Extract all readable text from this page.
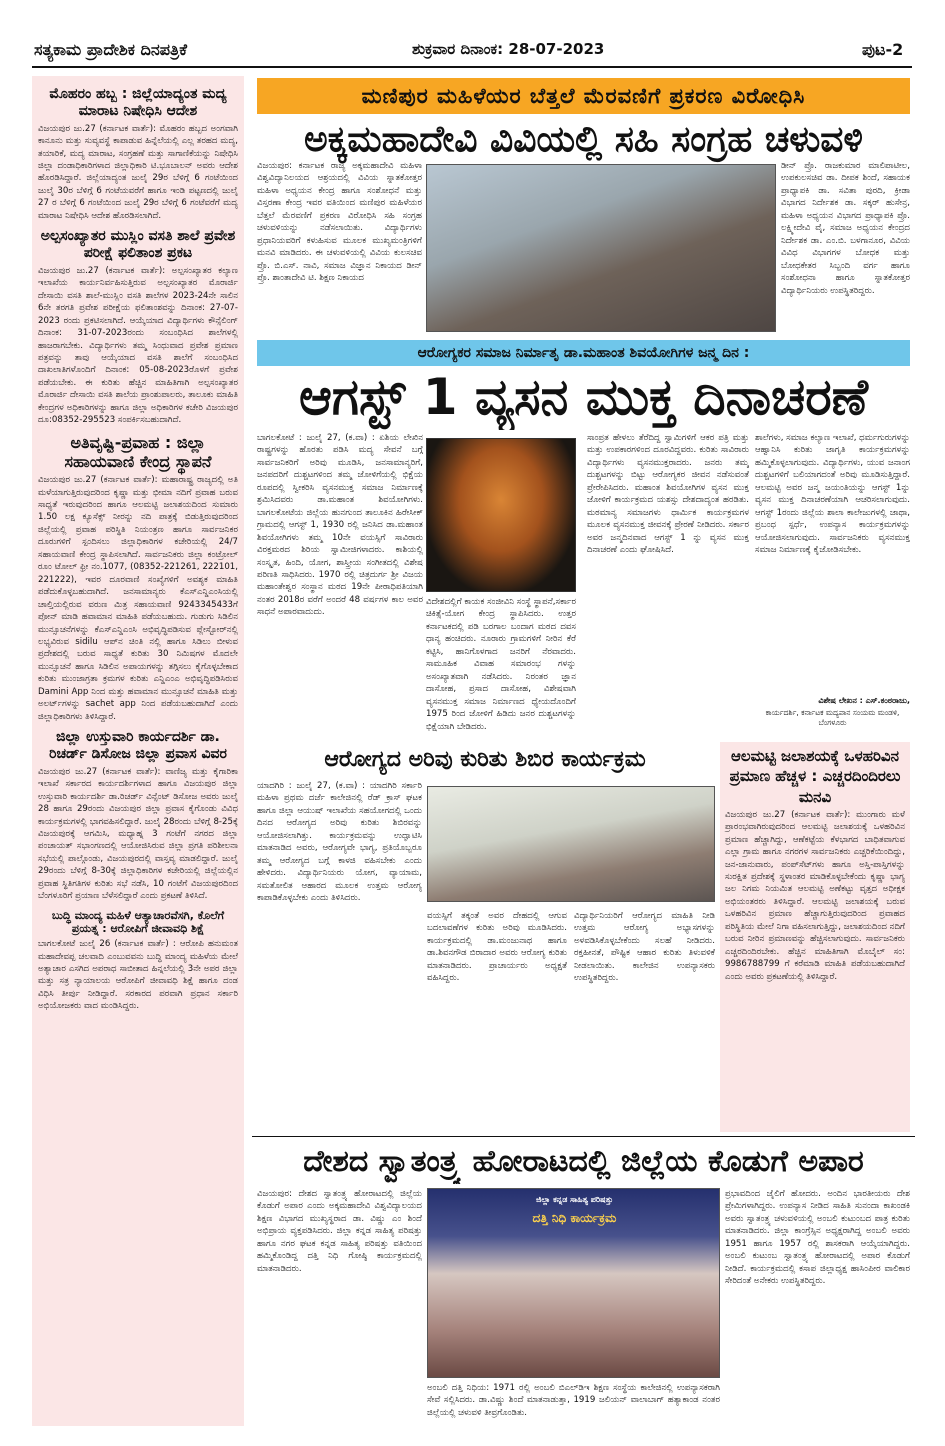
ಸತ್ಯಕಾಮ ಪ್ರಾದೇಶಿಕ ದಿನಪತ್ರಿಕೆ	ಶುಕ್ರವಾರ ದಿನಾಂಕ: 28-07-2023	ಪುಟ-2
ಮೊಹರಂ ಹಬ್ಬ : ಜಿಲ್ಲೆಯಾದ್ಯಂತ ಮದ್ಯ ಮಾರಾಟ ನಿಷೇಧಿಸಿ ಆದೇಶ

ವಿಜಯಪುರ ಜು.27 (ಕರ್ನಾಟಕ ವಾರ್ತೆ): ಮೊಹರಂ ಹಬ್ಬದ ಅಂಗವಾಗಿ ಕಾನೂನು ಮತ್ತು ಸುವ್ಯವಸ್ಥೆ ಕಾಪಾಡುವ ಹಿನ್ನೆಲೆಯಲ್ಲಿ ಎಲ್ಲ ತರಹದ ಮದ್ಯ, ತಯಾರಿಕೆ, ಮದ್ಯ ಮಾರಾಟ, ಸಂಗ್ರಹಣೆ ಮತ್ತು ಸಾಗಾಣಿಕೆಯನ್ನು ನಿಷೇಧಿಸಿ ಜಿಲ್ಲಾ ದಂಡಾಧಿಕಾರಿಗಳಾದ ಜಿಲ್ಲಾಧಿಕಾರಿ ಟಿ.ಭೂಬಾಲನ್ ಅವರು ಆದೇಶ ಹೊರಡಿಸಿದ್ದಾರೆ. ಜಿಲ್ಲೆಯಾದ್ಯಂತ ಜುಲೈ 29ರ ಬೆಳಿಗ್ಗೆ 6 ಗಂಟೆಯಿಂದ ಜುಲೈ 30ರ ಬೆಳಿಗ್ಗೆ 6 ಗಂಟೆಯವರೆಗೆ ಹಾಗೂ ಇಂಡಿ ಪಟ್ಟಣದಲ್ಲಿ ಜುಲೈ 27 ರ ಬೆಳಿಗ್ಗೆ 6 ಗಂಟೆಯಿಂದ ಜುಲೈ 29ರ ಬೆಳಿಗ್ಗೆ 6 ಗಂಟೆವರೆಗೆ ಮದ್ಯ ಮಾರಾಟ ನಿಷೇಧಿಸಿ ಆದೇಶ ಹೊರಡಿಸಲಾಗಿದೆ.

ಅಲ್ಪಸಂಖ್ಯಾತರ ಮುಸ್ಲಿಂ ವಸತಿ ಶಾಲೆ ಪ್ರವೇಶ ಪರೀಕ್ಷೆ ಫಲಿತಾಂಶ ಪ್ರಕಟ

ವಿಜಯಪುರ ಜು.27 (ಕರ್ನಾಟಕ ವಾರ್ತೆ): ಅಲ್ಪಸಂಖ್ಯಾತರ ಕಲ್ಯಾಣ ಇಲಾಖೆಯ ಕಾರ್ಯನಿರ್ವಹಿಸುತ್ತಿರುವ ಅಲ್ಪಸಂಖ್ಯಾತರ ಮೊರಾರ್ಜಿ ದೇಸಾಯಿ ವಸತಿ ಶಾಲೆ-ಮುಸ್ಲಿಂ ವಸತಿ ಶಾಲೆಗಳ 2023-24ನೇ ಸಾಲಿನ 6ನೇ ತರಗತಿ ಪ್ರವೇಶ ಪರೀಕ್ಷೆಯ ಫಲಿತಾಂಶವನ್ನು ದಿನಾಂಕ: 27-07-2023 ರಂದು ಪ್ರಕಟಿಸಲಾಗಿದೆ. ಆಯ್ಕೆಯಾದ ವಿದ್ಯಾರ್ಥಿಗಳು ಕೌನ್ಸೆಲಿಂಗ್ ದಿನಾಂಕ: 31-07-2023ರಂದು ಸಂಬಂಧಿಸಿದ ಶಾಲೆಗಳಲ್ಲಿ ಹಾಜರಾಗಬೇಕು. ವಿದ್ಯಾರ್ಥಿಗಳು ತಮ್ಮ ಸಿಂಧುವಾದ ಪ್ರವೇಶ ಪ್ರಮಾಣ ಪತ್ರವನ್ನು ತಾವು ಆಯ್ಕೆಯಾದ ವಸತಿ ಶಾಲೆಗೆ ಸಂಬಂಧಿಸಿದ ದಾಖಲಾತಿಗಳೊಂದಿಗೆ ದಿನಾಂಕ: 05-08-2023ರೊಳಗೆ ಪ್ರವೇಶ ಪಡೆಯಬೇಕು. ಈ ಕುರಿತು ಹೆಚ್ಚಿನ ಮಾಹಿತಿಗಾಗಿ ಅಲ್ಪಸಂಖ್ಯಾತರ ಮೊರಾರ್ಜಿ ದೇಸಾಯಿ ವಸತಿ ಶಾಲೆಯ ಪ್ರಾಂಶುಪಾಲರು, ತಾಲೂಕು ಮಾಹಿತಿ ಕೇಂದ್ರಗಳ ಅಧಿಕಾರಿಗಳನ್ನು ಹಾಗೂ ಜಿಲ್ಲಾ ಅಧಿಕಾರಿಗಳ ಕಚೇರಿ ವಿಜಯಪುರ ದೂ:08352-295523 ಸಂಪರ್ಕಿಸಬಹುದಾಗಿದೆ.

ಅತಿವೃಷ್ಟಿ-ಪ್ರವಾಹ : ಜಿಲ್ಲಾ ಸಹಾಯವಾಣಿ ಕೇಂದ್ರ ಸ್ಥಾಪನೆ

ವಿಜಯಪುರ ಜು.27 (ಕರ್ನಾಟಕ ವಾರ್ತೆ): ಮಹಾರಾಷ್ಟ್ರ ರಾಜ್ಯದಲ್ಲಿ ಅತಿ ಮಳೆಯಾಗುತ್ತಿರುವುದರಿಂದ ಕೃಷ್ಣಾ ಮತ್ತು ಭೀಮಾ ನದಿಗೆ ಪ್ರವಾಹ ಬರುವ ಸಾಧ್ಯತೆ ಇರುವುದರಿಂದ ಹಾಗೂ ಆಲಮಟ್ಟಿ ಜಲಾಶಯದಿಂದ ಸುಮಾರು 1.50 ಲಕ್ಷ ಕ್ಯೂಸೆಕ್ಸ್ ನೀರನ್ನು ನದಿ ಪಾತ್ರಕ್ಕೆ ಬಿಡುತ್ತಿರುವುದರಿಂದ ಜಿಲ್ಲೆಯಲ್ಲಿ ಪ್ರವಾಹ ಪರಿಸ್ಥಿತಿ ನಿಯಂತ್ರಣ ಹಾಗೂ ಸಾರ್ವಜನಿಕರ ದೂರುಗಳಿಗೆ ಸ್ಪಂದಿಸಲು ಜಿಲ್ಲಾಧಿಕಾರಿಗಳ ಕಚೇರಿಯಲ್ಲಿ 24/7 ಸಹಾಯವಾಣಿ ಕೇಂದ್ರ ಸ್ಥಾಪಿಸಲಾಗಿದೆ. ಸಾರ್ವಜನಿಕರು ಜಿಲ್ಲಾ ಕಂಟ್ರೋಲ್ ರೂಂ ಟೋಲ್ ಫ್ರೀ ನಂ.1077, (08352-221261, 222101, 221222), ಇವರ ದೂರವಾಣಿ ಸಂಖ್ಯೆಗಳಿಗೆ ಅವಶ್ಯಕ ಮಾಹಿತಿ ಪಡೆದುಕೊಳ್ಳಬಹುದಾಗಿದೆ. ಜನಸಾಮಾನ್ಯರು ಕೆಎಸ್ಎನ್ಡಿಎಂಸಿಯಲ್ಲಿ ಚಾಲ್ತಿಯಲ್ಲಿರುವ ವರುಣ ಮಿತ್ರ ಸಹಾಯವಾಣಿ 9243345433ಗೆ ಪೋನ್ ಮಾಡಿ ಹವಾಮಾನ ಮಾಹಿತಿ ಪಡೆಯಬಹುದು. ಗುಡುಗು ಸಿಡಿಲಿನ ಮುನ್ಸೂಚನೆಗಳನ್ನು ಕೆಎಸ್ಎನ್ಡಿಎಂಸಿ ಅಭಿವೃದ್ಧಿಪಡಿಸುವ ಪ್ಲೇಸ್ಟೋರ್‌ನಲ್ಲಿ ಲಭ್ಯವಿರುವ sidilu ಆಪ್‌ನ ಚಿಂತಿ ನಲ್ಲಿ ಹಾಗೂ ಸಿಡಿಲು ಬೀಳುವ ಪ್ರದೇಶದಲ್ಲಿ ಬರುವ ಸಾಧ್ಯತೆ ಕುರಿತು 30 ನಿಮಿಷಗಳ ಮೊದಲೇ ಮುನ್ಸೂಚನೆ ಹಾಗೂ ಸಿಡಿಲಿನ ಅಪಾಯಗಳನ್ನು ತಗ್ಗಿಸಲು ಕೈಗೊಳ್ಳಬೇಕಾದ ಕುರಿತು ಮುಂಜಾಗ್ರತಾ ಕ್ರಮಗಳ ಕುರಿತು ಎನ್ಡಿಎಂಎ ಅಭಿವೃದ್ಧಿಪಡಿಸಿರುವ Damini App ನಿಂದ ಮತ್ತು ಹವಾಮಾನ ಮುನ್ಸೂಚನೆ ಮಾಹಿತಿ ಮತ್ತು ಅಲರ್ಟ್‌ಗಳನ್ನು sachet app ನಿಂದ ಪಡೆಯಬಹುದಾಗಿದೆ ಎಂದು ಜಿಲ್ಲಾಧಿಕಾರಿಗಳು ತಿಳಿಸಿದ್ದಾರೆ.

ಜಿಲ್ಲಾ ಉಸ್ತುವಾರಿ ಕಾರ್ಯದರ್ಶಿ ಡಾ. ರಿಚರ್ಡ್ ಡಿಸೋಜ ಜಿಲ್ಲಾ ಪ್ರವಾಸ ವಿವರ

ವಿಜಯಪುರ ಜು.27 (ಕರ್ನಾಟಕ ವಾರ್ತೆ): ವಾಣಿಜ್ಯ ಮತ್ತು ಕೈಗಾರಿಕಾ ಇಲಾಖೆ ಸರ್ಕಾರದ ಕಾರ್ಯದರ್ಶಿಗಳಾದ ಹಾಗೂ ವಿಜಯಪುರ ಜಿಲ್ಲಾ ಉಸ್ತುವಾರಿ ಕಾರ್ಯದರ್ಶಿ ಡಾ.ರಿಚರ್ಡ್ ವಿನ್ಸೆಂಟ್ ಡಿಸೋಜ ಅವರು ಜುಲೈ 28 ಹಾಗೂ 29ರಂದು ವಿಜಯಪುರ ಜಿಲ್ಲಾ ಪ್ರವಾಸ ಕೈಗೊಂಡು ವಿವಿಧ ಕಾರ್ಯಕ್ರಮಗಳಲ್ಲಿ ಭಾಗವಹಿಸಲಿದ್ದಾರೆ. ಜುಲೈ 28ರಂದು ಬೆಳಿಗ್ಗೆ 8-25ಕ್ಕೆ ವಿಜಯಪುರಕ್ಕೆ ಆಗಮಿಸಿ, ಮಧ್ಯಾಹ್ನ 3 ಗಂಟೆಗೆ ನಗರದ ಜಿಲ್ಲಾ ಪಂಚಾಯತ್ ಸಭಾಂಗಣದಲ್ಲಿ ಆಯೋಜಿಸಿರುವ ಜಿಲ್ಲಾ ಪ್ರಗತಿ ಪರಿಶೀಲನಾ ಸಭೆಯಲ್ಲಿ ಪಾಲ್ಗೊಂಡು, ವಿಜಯಪುರದಲ್ಲಿ ವಾಸ್ತವ್ಯ ಮಾಡಲಿದ್ದಾರೆ. ಜುಲೈ 29ರಂದು ಬೆಳಿಗ್ಗೆ 8-30ಕ್ಕೆ ಜಿಲ್ಲಾಧಿಕಾರಿಗಳ ಕಚೇರಿಯಲ್ಲಿ ಜಿಲ್ಲೆಯಲ್ಲಿನ ಪ್ರವಾಹ ಸ್ಥಿತಿಗತಿಗಳ ಕುರಿತು ಸಭೆ ನಡೆಸಿ, 10 ಗಂಟೆಗೆ ವಿಜಯಪುರದಿಂದ ಬೆಂಗಳೂರಿಗೆ ಪ್ರಯಾಣ ಬೆಳೆಸಲಿದ್ದಾರೆ ಎಂದು ಪ್ರಕಟಣೆ ತಿಳಿಸಿದೆ.

ಬುದ್ಧಿ ಮಾಂದ್ಯ ಮಹಿಳೆ ಆತ್ಯಾಚಾರವೆಸಗಿ, ಕೊಲೆಗೆ ಪ್ರಯತ್ನ : ಆರೋಪಿಗೆ ಜೀವಾವಧಿ ಶಿಕ್ಷೆ

ಬಾಗಲಕೋಟೆ ಜುಲೈ 26 (ಕರ್ನಾಟಕ ವಾರ್ತೆ) : ಆರೋಪಿ ಹನುಮಂತ ಮಹಾದೇವಪ್ಪ ಚಲವಾದಿ ಎಂಬುವವನು ಬುದ್ಧಿ ಮಾಂದ್ಯ ಮಹಿಳೆಯ ಮೇಲೆ ಅತ್ಯಾಚಾರ ಎಸಗಿದ ಅಪರಾಧ ಸಾಬೀತಾದ ಹಿನ್ನಲೆಯಲ್ಲಿ 3ನೇ ಅಪರ ಜಿಲ್ಲಾ ಮತ್ತು ಸತ್ರ ನ್ಯಾಯಾಲಯ ಆರೋಪಿಗೆ ಜೀವಾವಧಿ ಶಿಕ್ಷೆ ಹಾಗೂ ದಂಡ ವಿಧಿಸಿ ತೀರ್ಪು ನೀಡಿದ್ದಾರೆ. ಸರಕಾರದ ಪರವಾಗಿ ಪ್ರಧಾನ ಸರ್ಕಾರಿ ಅಭಿಯೋಜಕರು ವಾದ ಮಂಡಿಸಿದ್ದರು.

ಮಣಿಪುರ ಮಹಿಳೆಯರ ಬೆತ್ತಲೆ ಮೆರವಣಿಗೆ ಪ್ರಕರಣ ವಿರೋಧಿಸಿ
ಅಕ್ಕಮಹಾದೇವಿ ವಿವಿಯಲ್ಲಿ ಸಹಿ ಸಂಗ್ರಹ ಚಳುವಳಿ
ವಿಜಯಪುರ: ಕರ್ನಾಟಕ ರಾಜ್ಯ ಅಕ್ಕಮಹಾದೇವಿ ಮಹಿಳಾ ವಿಶ್ವವಿದ್ಯಾನಿಲಯದ ಆಶ್ರಯದಲ್ಲಿ ವಿವಿಯ ಸ್ನಾತಕೋತ್ತರ ಮಹಿಳಾ ಅಧ್ಯಯನ ಕೇಂದ್ರ ಹಾಗೂ ಸಂಶೋಧನೆ ಮತ್ತು ವಿಸ್ತರಣಾ ಕೇಂದ್ರ ಇವರ ವತಿಯಿಂದ ಮಣಿಪುರ ಮಹಿಳೆಯರ ಬೆತ್ತಲೆ ಮೆರವಣಿಗೆ ಪ್ರಕರಣ ವಿರೋಧಿಸಿ ಸಹಿ ಸಂಗ್ರಹ ಚಳುವಳಿಯನ್ನು ನಡೆಸಲಾಯಿತು. ವಿದ್ಯಾರ್ಥಿಗಳು ಪ್ರಧಾನಿಯವರಿಗೆ ಕಳುಹಿಸುವ ಮೂಲಕ ಮುಖ್ಯಮಂತ್ರಿಗಳಿಗೆ ಮನವಿ ಮಾಡಿದರು. ಈ ಚಳುವಳಿಯಲ್ಲಿ ವಿವಿಯ ಕುಲಸಚಿವ ಪ್ರೊ. ಬಿ.ಎಸ್. ನಾವಿ, ಸಮಾಜ ವಿಜ್ಞಾನ ನಿಕಾಯದ ಡೀನ್ ಪ್ರೊ. ಶಾಂತಾದೇವಿ ಟಿ. ಶಿಕ್ಷಣ ನಿಕಾಯದ
ಡೀನ್ ಪ್ರೊ. ರಾಜಕುಮಾರ ಮಾಲಿಪಾಟೀಲ, ಉಪಕುಲಸಚಿವ ಡಾ. ದೀಪಕ ಶಿಂದೆ, ಸಹಾಯಕ ಪ್ರಾಧ್ಯಾಪಕಿ ಡಾ. ಸವಿತಾ ಪುರದಿ, ಕ್ರೀಡಾ ವಿಭಾಗದ ನಿರ್ದೇಶಕ ಡಾ. ಸಕ್ಕರ್ ಹುಸೇನ್ರ, ಮಹಿಳಾ ಅಧ್ಯಯನ ವಿಭಾಗದ ಪ್ರಾಧ್ಯಾಪಕಿ ಪ್ರೊ. ಲಕ್ಷ್ಮೀದೇವಿ ವೈ, ಸಮಾಜ ಅಧ್ಯಯನ ಕೇಂದ್ರದ ನಿರ್ದೇಶಕ ಡಾ. ಎಂ.ಬಿ. ಬಳಗಾನೂರ, ವಿವಿಯ ವಿವಿಧ ವಿಭಾಗಗಳ ಬೋಧಕ ಮತ್ತು ಬೋಧಕೇತರ ಸಿಬ್ಬಂದಿ ವರ್ಗ ಹಾಗೂ ಸಂಶೋಧನಾ ಹಾಗೂ ಸ್ನಾತಕೋತ್ತರ ವಿದ್ಯಾರ್ಥಿನಿಯರು ಉಪಸ್ಥಿತರಿದ್ದರು.
ಆರೋಗ್ಯಕರ ಸಮಾಜ ನಿರ್ಮಾತೃ ಡಾ.ಮಹಾಂತ ಶಿವಯೋಗಿಗಳ ಜನ್ಮ ದಿನ :
ಆಗಸ್ಟ್ 1 ವ್ಯಸನ ಮುಕ್ತ ದಿನಾಚರಣೆ
ಬಾಗಲಕೋಟೆ : ಜುಲೈ 27, (ಕ.ವಾ) : ಏಶಿಯ ಲೇಖಿನ ರಾಷ್ಟ್ರಗಳನ್ನು ಹೊರತು ಪಡಿಸಿ ಮದ್ಯ ಸೇವನೆ ಬಗ್ಗೆ ಸಾರ್ವಜನಿಕರಿಗೆ ಅರಿವು ಮೂಡಿಸಿ, ಜನಸಾಮಾನ್ಯರಿಗೆ, ಜನಪದರಿಗೆ ದುಶ್ಚಟಗಳಿಂದ ತಮ್ಮ ಜೋಳಿಗೆಯಲ್ಲಿ ಭಿಕ್ಷೆಯ ರೂಪದಲ್ಲಿ ಸ್ವೀಕರಿಸಿ ವ್ಯಸನಮುಕ್ತ ಸಮಾಜ ನಿರ್ಮಾಣಕ್ಕೆ ಶ್ರಮಿಸಿದವರು ಡಾ.ಮಹಾಂತ ಶಿವಯೋಗಿಗಳು. ಬಾಗಲಕೋಟೆಯ ಜಿಲ್ಲೆಯ ಹುನಗುಂದ ತಾಲೂಕಿನ ಹಿರೇಸೀಕ್ ಗ್ರಾಮದಲ್ಲಿ ಆಗಸ್ಟ್ 1, 1930 ರಲ್ಲಿ ಜನಿಸಿದ ಡಾ.ಮಹಾಂತ ಶಿವಯೋಗಿಗಳು ತಮ್ಮ 10ನೇ ವಯಸ್ಸಿಗೆ ಸಾವಿರಾರು ವಿರಕ್ತಮಠದ ಶಿರಿಯ ಸ್ವಾಮೀಜಿಗಳಾದರು. ಕಾಶಿಯಲ್ಲಿ ಸಂಸ್ಕೃತ, ಹಿಂದಿ, ಯೋಗ, ಶಾಸ್ತ್ರೀಯ ಸಂಗೀತದಲ್ಲಿ ವಿಶೇಷ ಪರಿಣತಿ ಸಾಧಿಸಿದರು. 1970 ರಲ್ಲಿ ಚಿತ್ರದುರ್ಗ ಶ್ರೀ ವಿಜಯ ಮಹಾಂತೇಶ್ವರ ಸಂಸ್ಥಾನ ಮಠದ 19ನೇ ಪೀಠಾಧಿಪತಿಯಾಗಿ ನಂತರ 2018ರ ವರೆಗೆ ಅಂದರೆ 48 ವರ್ಷಗಳ ಕಾಲ ಅವರ ಸಾಧನೆ ಅಪಾರವಾದುದು.
ವಿದೇಶದಲ್ಲಿಗೆ ಕಾಯಕ ಸಂಜೀವಿನಿ ಸಂಸ್ಥೆ ಸ್ಥಾಪನೆ,ಸರ್ಕಾರ ಚಿಕಿತ್ಸೆ-ಯೋಗ ಕೇಂದ್ರ ಸ್ಥಾಪಿಸಿದರು. ಉತ್ತರ ಕರ್ನಾಟಕದಲ್ಲಿ ಪಡಿ ಬರಗಾಲ ಬಂದಾಗ ಮಠದ ದವಸ ಧಾನ್ಯ ಹಂಚಿದರು. ನೂರಾರು ಗ್ರಾಮಗಳಿಗೆ ನೀರಿನ ಕೆರೆ ಕಟ್ಟಿಸಿ, ಹಾನಿಗೊಳಗಾದ ಜನರಿಗೆ ನೆರವಾದರು. ಸಾಮೂಹಿಕ ವಿವಾಹ ಸಮಾರಂಭ ಗಳನ್ನು ಅಸಂಖ್ಯಾತವಾಗಿ ನಡೆಸಿದರು. ನಿರಂತರ ಜ್ಞಾನ ದಾಸೋಹ, ಪ್ರಸಾದ ದಾಸೋಹ, ವಿಶೇಷವಾಗಿ ವ್ಯಸನಮುಕ್ತ ಸಮಾಜ ನಿರ್ಮಾಣದ ಧ್ಯೇಯದೊಂದಿಗೆ 1975 ರಿಂದ ಜೋಳಿಗೆ ಹಿಡಿದು ಜನರ ದುಶ್ಚಟಗಳನ್ನು ಭಿಕ್ಷೆಯಾಗಿ ಬೇಡಿದರು.
ಸಾಂಪ್ರತ ಹೇಳಲು ತೆರೆದಿದ್ದ ಸ್ವಾಮಿಗಳಿಗೆ ಆಕರ ಪತ್ರಿ ಮತ್ತು ಮತ್ತು ಉಪಕಾರಗಳಿಂದ ದೂರವಿದ್ದವರು. ಕುರಿತು ಸಾವಿರಾರು ವಿದ್ಯಾರ್ಥಿಗಳು ವ್ಯಸನಮುಕ್ತರಾದರು. ಜನರು ತಮ್ಮ ದುಶ್ಚಟಗಳನ್ನು ಬಿಟ್ಟು ಆರೋಗ್ಯಕರ ಜೀವನ ನಡೆಸುವಂತೆ ಪ್ರೇರೇಪಿಸಿದರು. ಮಹಾಂತ ಶಿವಯೋಗಿಗಳ ವ್ಯಸನ ಮುಕ್ತ ಜೋಳಿಗೆ ಕಾರ್ಯಕ್ರಮದ ಯಶಸ್ಸು ದೇಶದಾದ್ಯಂತ ಹರಡಿತು. ಮಠಮಾನ್ಯ ಸಮಾಜಗಳು ಧಾರ್ಮಿಕ ಕಾರ್ಯಕ್ರಮಗಳ ಮೂಲಕ ವ್ಯಸನಮುಕ್ತ ಜೀವನಕ್ಕೆ ಪ್ರೇರಣೆ ನೀಡಿದರು. ಸರ್ಕಾರ ಅವರ ಜನ್ಮದಿನವಾದ ಆಗಸ್ಟ್ 1 ನ್ನು ವ್ಯಸನ ಮುಕ್ತ ದಿನಾಚರಣೆ ಎಂದು ಘೋಷಿಸಿದೆ.
ಶಾಲೆಗಳು, ಸಮಾಜ ಕಲ್ಯಾಣ ಇಲಾಖೆ, ಧರ್ಮಗುರುಗಳನ್ನು ಆಹ್ವಾನಿಸಿ ಕುರಿತು ಜಾಗೃತಿ ಕಾರ್ಯಕ್ರಮಗಳನ್ನು ಹಮ್ಮಿಕೊಳ್ಳಲಾಗುವುದು. ವಿದ್ಯಾರ್ಥಿಗಳು, ಯುವ ಜನಾಂಗ ದುಶ್ಚಟಗಳಿಗೆ ಬಲಿಯಾಗದಂತೆ ಅರಿವು ಮೂಡಿಸುತ್ತಿದ್ದಾರೆ. ಆಲಮಟ್ಟಿ ಅವರ ಜನ್ಮ ಜಯಂತಿಯನ್ನು ಆಗಸ್ಟ್ 1ನ್ನು ವ್ಯಸನ ಮುಕ್ತ ದಿನಾಚರಣೆಯಾಗಿ ಆಚರಿಸಲಾಗುವುದು. ಆಗಸ್ಟ್ 1ರಂದು ಜಿಲ್ಲೆಯ ಶಾಲಾ ಕಾಲೇಜುಗಳಲ್ಲಿ ಜಾಥಾ, ಪ್ರಬಂಧ ಸ್ಪರ್ಧೆ, ಉಪನ್ಯಾಸ ಕಾರ್ಯಕ್ರಮಗಳನ್ನು ಆಯೋಜಿಸಲಾಗುವುದು. ಸಾರ್ವಜನಿಕರು ವ್ಯಸನಮುಕ್ತ ಸಮಾಜ ನಿರ್ಮಾಣಕ್ಕೆ ಕೈಜೋಡಿಸಬೇಕು.
ವಿಶೇಷ ಲೇಖನ : ಎಸ್.ಕಂಠರಾಜು,
ಕಾರ್ಯದರ್ಶಿ, ಕರ್ನಾಟಕ ಮದ್ಯಪಾನ ಸಂಯಮ ಮಂಡಳಿ, ಬೆಂಗಳೂರು
ಆರೋಗ್ಯದ ಅರಿವು ಕುರಿತು ಶಿಬಿರ ಕಾರ್ಯಕ್ರಮ
ಯಾದಗಿರಿ : ಜುಲೈ 27, (ಕ.ವಾ) : ಯಾದಗಿರಿ ಸರ್ಕಾರಿ ಮಹಿಳಾ ಪ್ರಥಮ ದರ್ಜೆ ಕಾಲೇಜಿನಲ್ಲಿ ರೆಡ್ ಕ್ರಾಸ್ ಘಟಕ ಹಾಗೂ ಜಿಲ್ಲಾ ಆಯುಷ್ ಇಲಾಖೆಯ ಸಹಯೋಗದಲ್ಲಿ ಒಂದು ದಿನದ ಆರೋಗ್ಯದ ಅರಿವು ಕುರಿತು ಶಿಬಿರವನ್ನು ಆಯೋಜಿಸಲಾಗಿತ್ತು. ಕಾರ್ಯಕ್ರಮವನ್ನು ಉದ್ಘಾಟಿಸಿ ಮಾತನಾಡಿದ ಅವರು, ಆರೋಗ್ಯವೇ ಭಾಗ್ಯ, ಪ್ರತಿಯೊಬ್ಬರೂ ತಮ್ಮ ಆರೋಗ್ಯದ ಬಗ್ಗೆ ಕಾಳಜಿ ವಹಿಸಬೇಕು ಎಂದು ಹೇಳಿದರು. ವಿದ್ಯಾರ್ಥಿನಿಯರು ಯೋಗ, ವ್ಯಾಯಾಮ, ಸಮತೋಲಿತ ಆಹಾರದ ಮೂಲಕ ಉತ್ತಮ ಆರೋಗ್ಯ ಕಾಪಾಡಿಕೊಳ್ಳಬೇಕು ಎಂದು ತಿಳಿಸಿದರು.
ವಯಸ್ಸಿಗೆ ತಕ್ಕಂತೆ ಅವರ ದೇಹದಲ್ಲಿ ಆಗುವ ಬದಲಾವಣೆಗಳ ಕುರಿತು ಅರಿವು ಮೂಡಿಸಿದರು. ಕಾರ್ಯಕ್ರಮದಲ್ಲಿ ಡಾ.ಮಂಜುನಾಥ ಹಾಗೂ ಡಾ.ಶಿವನಗೌಡ ಬಿರಾದಾರ ಅವರು ಆರೋಗ್ಯ ಕುರಿತು ಮಾತನಾಡಿದರು. ಪ್ರಾಚಾರ್ಯರು ಅಧ್ಯಕ್ಷತೆ ವಹಿಸಿದ್ದರು.
ವಿದ್ಯಾರ್ಥಿನಿಯರಿಗೆ ಆರೋಗ್ಯದ ಮಾಹಿತಿ ನೀಡಿ ಉತ್ತಮ ಆರೋಗ್ಯ ಅಭ್ಯಾಸಗಳನ್ನು ಅಳವಡಿಸಿಕೊಳ್ಳಬೇಕೆಂದು ಸಲಹೆ ನೀಡಿದರು. ರಕ್ತಹೀನತೆ, ಪೌಷ್ಟಿಕ ಆಹಾರ ಕುರಿತು ತಿಳುವಳಿಕೆ ನೀಡಲಾಯಿತು. ಕಾಲೇಜಿನ ಉಪನ್ಯಾಸಕರು ಉಪಸ್ಥಿತರಿದ್ದರು.
ಆಲಮಟ್ಟಿ ಜಲಾಶಯಕ್ಕೆ ಒಳಹರಿವಿನ ಪ್ರಮಾಣ ಹೆಚ್ಚಳ : ಎಚ್ಚರದಿಂದಿರಲು ಮನವಿ
ವಿಜಯಪುರ ಜು.27 (ಕರ್ನಾಟಕ ವಾರ್ತೆ): ಮುಂಗಾರು ಮಳೆ ಪ್ರಾರಂಭವಾಗಿರುವುದರಿಂದ ಆಲಮಟ್ಟಿ ಜಲಾಶಯಕ್ಕೆ ಒಳಹರಿವಿನ ಪ್ರಮಾಣ ಹೆಚ್ಚಾಗಿದ್ದು, ಆಣೆಕಟ್ಟೆಯ ಕೆಳಭಾಗದ ಬಾಧಿತವಾಗುವ ಎಲ್ಲಾ ಗ್ರಾಮ ಹಾಗೂ ನಗರಗಳ ಸಾರ್ವಜನಿಕರು ಎಚ್ಚರಿಕೆಯಿಂದಿದ್ದು, ಜನ-ಜಾನುವಾರು, ಪಂಪ್‌ಸೆಟ್‌ಗಳು ಹಾಗೂ ಅಸ್ತಿ-ಪಾಸ್ತಿಗಳನ್ನು ಸುರಕ್ಷಿತ ಪ್ರದೇಶಕ್ಕೆ ಸ್ಥಳಾಂತರ ಮಾಡಿಕೊಳ್ಳಬೇಕೆಂದು ಕೃಷ್ಣಾ ಭಾಗ್ಯ ಜಲ ನಿಗಮ ನಿಯಮಿತ ಆಲಮಟ್ಟಿ ಅಣೆಕಟ್ಟು ವೃತ್ತದ ಅಧೀಕ್ಷಕ ಅಭಿಯಂತರರು ತಿಳಿಸಿದ್ದಾರೆ. ಆಲಮಟ್ಟಿ ಜಲಾಶಯಕ್ಕೆ ಬರುವ ಒಳಹರಿವಿನ ಪ್ರಮಾಣ ಹೆಚ್ಚಾಗುತ್ತಿರುವುದರಿಂದ ಪ್ರವಾಹದ ಪರಿಸ್ಥಿತಿಯ ಮೇಲೆ ನಿಗಾ ವಹಿಸಲಾಗುತ್ತಿದ್ದು, ಜಲಾಶಯದಿಂದ ನದಿಗೆ ಬರುವ ನೀರಿನ ಪ್ರಮಾಣವನ್ನು ಹೆಚ್ಚಿಸಲಾಗುವುದು. ಸಾರ್ವಜನಿಕರು ಎಚ್ಚರದಿಂದಿರಬೇಕು. ಹೆಚ್ಚಿನ ಮಾಹಿತಿಗಾಗಿ ಮೊಬೈಲ್ ಸಂ: 9986788799 ಗೆ ಕರೆಮಾಡಿ ಮಾಹಿತಿ ಪಡೆಯಬಹುದಾಗಿದೆ ಎಂದು ಅವರು ಪ್ರಕಟಣೆಯಲ್ಲಿ ತಿಳಿಸಿದ್ದಾರೆ.
ದೇಶದ ಸ್ವಾತಂತ್ರ್ಯ ಹೋರಾಟದಲ್ಲಿ ಜಿಲ್ಲೆಯ ಕೊಡುಗೆ ಅಪಾರ
ವಿಜಯಪುರ: ದೇಶದ ಸ್ವಾತಂತ್ರ್ಯ ಹೋರಾಟದಲ್ಲಿ ಜಿಲ್ಲೆಯ ಕೊಡುಗೆ ಅಪಾರ ಎಂದು ಅಕ್ಕಮಹಾದೇವಿ ವಿಶ್ವವಿದ್ಯಾಲಯದ ಶಿಕ್ಷಣ ವಿಭಾಗದ ಮುಖ್ಯಸ್ಥರಾದ ಡಾ. ವಿಷ್ಣು ಎಂ ಶಿಂದೆ ಅಭಿಪ್ರಾಯ ವ್ಯಕ್ತಪಡಿಸಿದರು. ಜಿಲ್ಲಾ ಕನ್ನಡ ಸಾಹಿತ್ಯ ಪರಿಷತ್ತು ಹಾಗೂ ನಗರ ಘಟಕ ಕನ್ನಡ ಸಾಹಿತ್ಯ ಪರಿಷತ್ತು ವತಿಯಿಂದ ಹಮ್ಮಿಕೊಂಡಿದ್ದ ದತ್ತಿ ನಿಧಿ ಗೋಷ್ಠಿ ಕಾರ್ಯಕ್ರಮದಲ್ಲಿ ಮಾತನಾಡಿದರು.
ಜಿಲ್ಲಾ ಕನ್ನಡ ಸಾಹಿತ್ಯ ಪರಿಷತ್ತು
ದತ್ತಿ ನಿಧಿ ಕಾರ್ಯಕ್ರಮ
ಅಂಬಲಿ ದತ್ತಿ ನಿಧಿಯ: 1971 ರಲ್ಲಿ ಅಂಬಲಿ ಬಿಎಲ್‌ಡಿಇ ಶಿಕ್ಷಣ ಸಂಸ್ಥೆಯ ಕಾಲೇಜಿನಲ್ಲಿ ಉಪನ್ಯಾಸಕರಾಗಿ ಸೇವೆ ಸಲ್ಲಿಸಿದರು. ಡಾ.ವಿಷ್ಣು ಶಿಂದೆ ಮಾತನಾಡುತ್ತಾ, 1919 ಜಲಿಯನ್ ವಾಲಾಬಾಗ್ ಹತ್ಯಾಕಾಂಡ ನಂತರ ಜಿಲ್ಲೆಯಲ್ಲಿ ಚಳುವಳಿ ತೀವ್ರಗೊಂಡಿತು.
ಪ್ರಭಾವದಿಂದ ಜೈಲಿಗೆ ಹೋದರು. ಅಂದಿನ ಭಾರತೀಯರು ದೇಶ ಪ್ರೇಮಿಗಳಾಗಿದ್ದರು. ಉಪನ್ಯಾಸ ನೀಡಿದ ಸಾಹಿತಿ ಸುನಂದಾ ಕಾಖಂಡಕಿ ಅವರು ಸ್ವಾತಂತ್ರ್ಯ ಚಳುವಳಿಯಲ್ಲಿ ಅಂಬಲಿ ಕುಟುಂಬದ ಪಾತ್ರ ಕುರಿತು ಮಾತನಾಡಿದರು. ಜಿಲ್ಲಾ ಕಾಂಗ್ರೆಸ್ಸಿನ ಅಧ್ಯಕ್ಷರಾಗಿದ್ದ ಅಂಬಲಿ ಅವರು 1951 ಹಾಗೂ 1957 ರಲ್ಲಿ ಶಾಸಕರಾಗಿ ಆಯ್ಕೆಯಾಗಿದ್ದರು. ಅಂಬಲಿ ಕುಟುಂಬ ಸ್ವಾತಂತ್ರ್ಯ ಹೋರಾಟದಲ್ಲಿ ಅಪಾರ ಕೊಡುಗೆ ನೀಡಿದೆ. ಕಾರ್ಯಕ್ರಮದಲ್ಲಿ ಕಸಾಪ ಜಿಲ್ಲಾಧ್ಯಕ್ಷ ಹಾಸಿಂಪೀರ ವಾಲಿಕಾರ ಸೇರಿದಂತೆ ಅನೇಕರು ಉಪಸ್ಥಿತರಿದ್ದರು.
